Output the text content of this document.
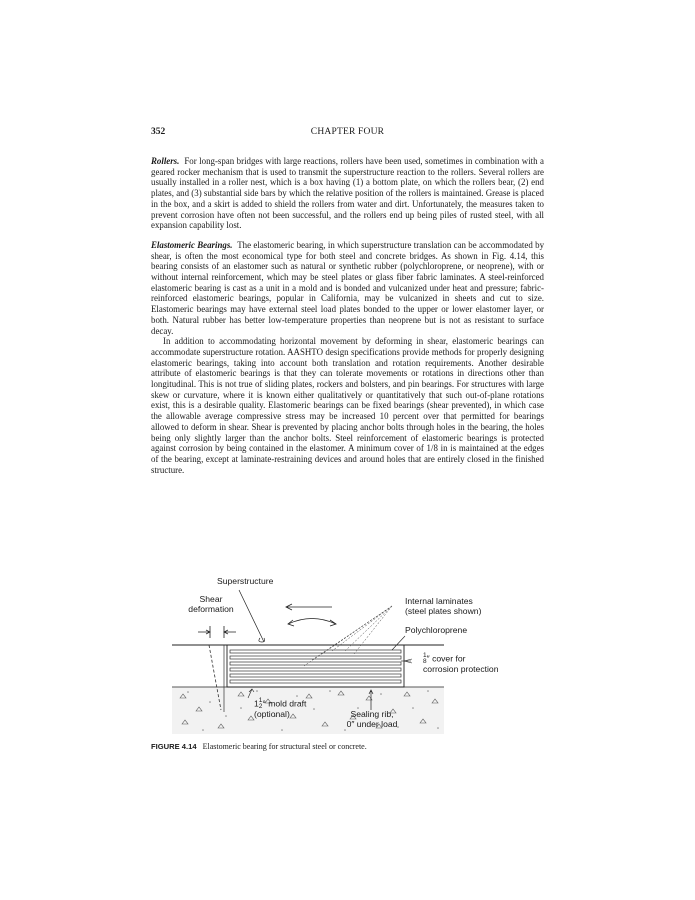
352	CHAPTER FOUR

Rollers. For long-span bridges with large reactions, rollers have been used, sometimes in combination with a geared rocker mechanism that is used to transmit the superstructure reaction to the rollers. Several rollers are usually installed in a roller nest, which is a box having (1) a bottom plate, on which the rollers bear, (2) end plates, and (3) substantial side bars by which the relative position of the rollers is maintained. Grease is placed in the box, and a skirt is added to shield the rollers from water and dirt. Unfortunately, the measures taken to prevent corrosion have often not been successful, and the rollers end up being piles of rusted steel, with all expansion capability lost.

Elastomeric Bearings. The elastomeric bearing, in which superstructure translation can be accommodated by shear, is often the most economical type for both steel and concrete bridges. As shown in Fig. 4.14, this bearing consists of an elastomer such as natural or synthetic rubber (polychloroprene, or neoprene), with or without internal reinforcement, which may be steel plates or glass fiber fabric laminates. A steel-reinforced elastomeric bearing is cast as a unit in a mold and is bonded and vulcanized under heat and pressure; fabric-reinforced elastomeric bearings, popular in California, may be vulcanized in sheets and cut to size. Elastomeric bearings may have external steel load plates bonded to the upper or lower elastomer layer, or both. Natural rubber has better low-temperature properties than neoprene but is not as resistant to surface decay.

In addition to accommodating horizontal movement by deforming in shear, elastomeric bearings can accommodate superstructure rotation. AASHTO design specifications provide methods for properly designing elastomeric bearings, taking into account both translation and rotation requirements. Another desirable attribute of elastomeric bearings is that they can tolerate movements or rotations in directions other than longitudinal. This is not true of sliding plates, rockers and bolsters, and pin bearings. For structures with large skew or curvature, where it is known either qualitatively or quantitatively that such out-of-plane rotations exist, this is a desirable quality. Elastomeric bearings can be fixed bearings (shear prevented), in which case the allowable average compressive stress may be increased 10 percent over that permitted for bearings allowed to deform in shear. Shear is prevented by placing anchor bolts through holes in the bearing, the holes being only slightly larger than the anchor bolts. Steel reinforcement of elastomeric bearings is protected against corrosion by being contained in the elastomer. A minimum cover of 1/8 in is maintained at the edges of the bearing, except at laminate-restraining devices and around holes that are entirely closed in the finished structure.

Superstructure
Shear
deformation
Internal laminates
(steel plates shown)
Polychloroprene
1
8 ″ cover for
corrosion protection
1 1
2 ° mold draft
(optional)	Sealing rib,
0″ under load
FIGURE 4.14 Elastomeric bearing for structural steel or concrete.
